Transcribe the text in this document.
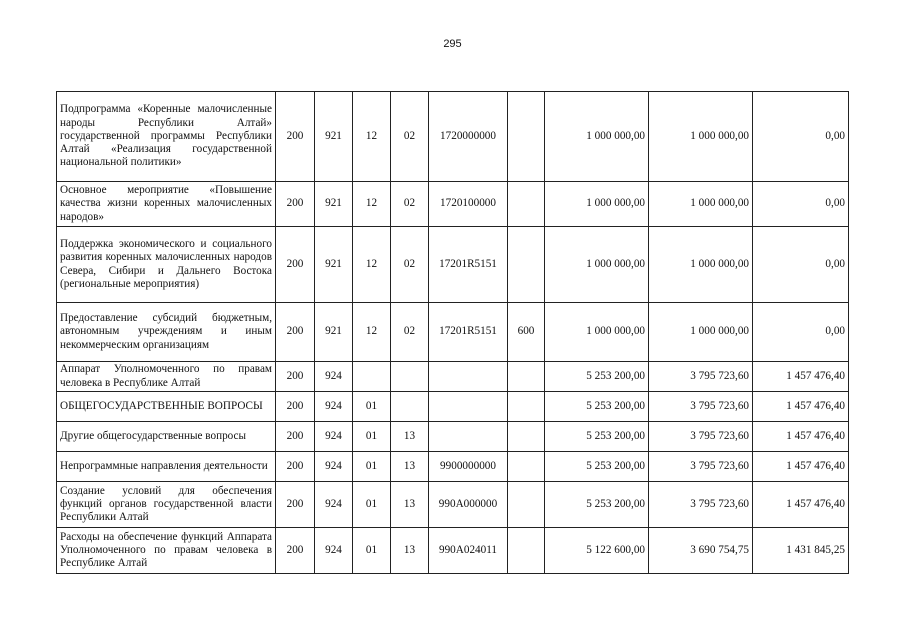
295
Подпрограмма «Коренные малочисленные народы Республики Алтай» государственной программы Республики Алтай «Реализация государственной национальной политики»	200	921	12	02	1720000000		1 000 000,00	1 000 000,00	0,00
Основное мероприятие «Повышение качества жизни коренных малочисленных народов»	200	921	12	02	1720100000		1 000 000,00	1 000 000,00	0,00
Поддержка экономического и социального развития коренных малочисленных народов Севера, Сибири и Дальнего Востока (региональные мероприятия)	200	921	12	02	17201R5151		1 000 000,00	1 000 000,00	0,00
Предоставление субсидий бюджетным, автономным учреждениям и иным некоммерческим организациям	200	921	12	02	17201R5151	600	1 000 000,00	1 000 000,00	0,00
Аппарат Уполномоченного по правам человека в Республике Алтай	200	924					5 253 200,00	3 795 723,60	1 457 476,40
ОБЩЕГОСУДАРСТВЕННЫЕ ВОПРОСЫ	200	924	01				5 253 200,00	3 795 723,60	1 457 476,40
Другие общегосударственные вопросы	200	924	01	13			5 253 200,00	3 795 723,60	1 457 476,40
Непрограммные направления деятельности	200	924	01	13	9900000000		5 253 200,00	3 795 723,60	1 457 476,40
Создание условий для обеспечения функций органов государственной власти Республики Алтай	200	924	01	13	990А000000		5 253 200,00	3 795 723,60	1 457 476,40
Расходы на обеспечение функций Аппарата Уполномоченного по правам человека в Республике Алтай	200	924	01	13	990А024011		5 122 600,00	3 690 754,75	1 431 845,25
